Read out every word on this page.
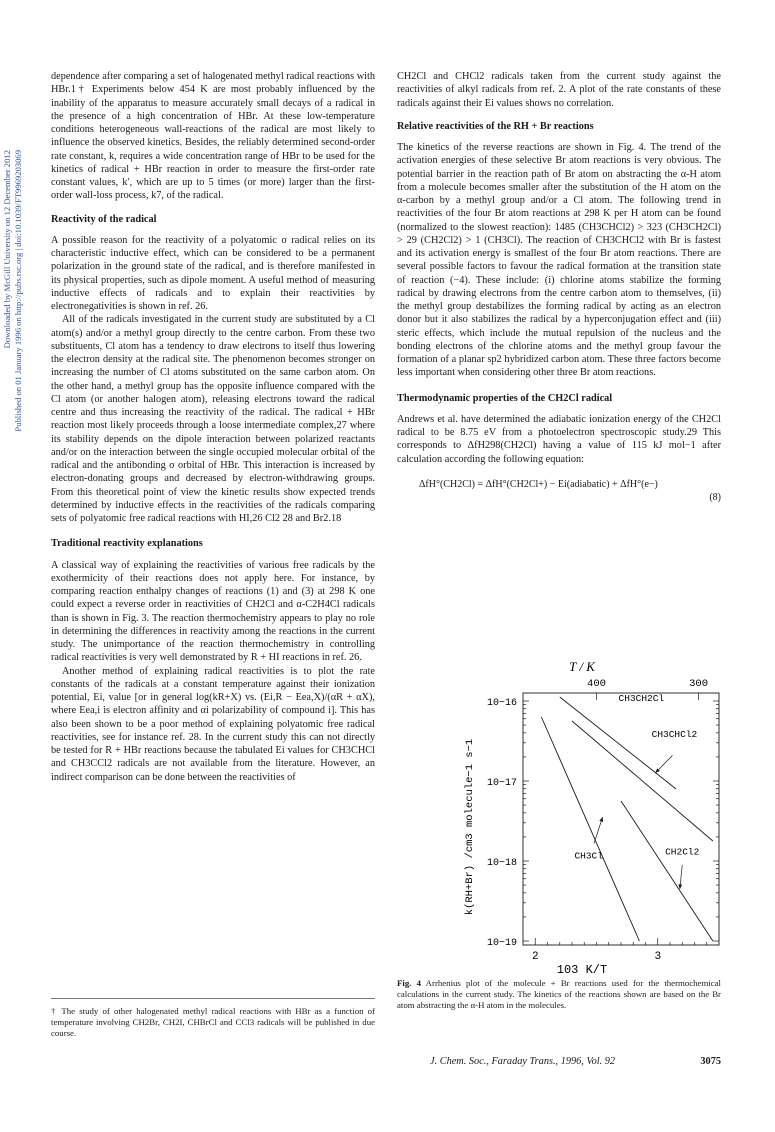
Downloaded by McGill University on 12 December 2012 Published on 01 January 1996 on http://pubs.rsc.org | doi:10.1039/FT9969203069

dependence after comparing a set of halogenated methyl radical reactions with HBr.1† Experiments below 454 K are most probably influenced by the inability of the apparatus to measure accurately small decays of a radical in the presence of a high concentration of HBr. At these low-temperature conditions heterogeneous wall-reactions of the radical are most likely to influence the observed kinetics. Besides, the reliably determined second-order rate constant, k, requires a wide concentration range of HBr to be used for the kinetics of radical + HBr reaction in order to measure the first-order rate constant values, k′, which are up to 5 times (or more) larger than the first-order wall-loss process, k7, of the radical.

Reactivity of the radical

A possible reason for the reactivity of a polyatomic σ radical relies on its characteristic inductive effect, which can be considered to be a permanent polarization in the ground state of the radical, and is therefore manifested in its physical properties, such as dipole moment. A useful method of measuring inductive effects of radicals and to explain their reactivities by electronegativities is shown in ref. 26.

All of the radicals investigated in the current study are substituted by a Cl atom(s) and/or a methyl group directly to the centre carbon. From these two substituents, Cl atom has a tendency to draw electrons to itself thus lowering the electron density at the radical site. The phenomenon becomes stronger on increasing the number of Cl atoms substituted on the same carbon atom. On the other hand, a methyl group has the opposite influence compared with the Cl atom (or another halogen atom), releasing electrons toward the radical centre and thus increasing the reactivity of the radical. The radical + HBr reaction most likely proceeds through a loose intermediate complex,27 where its stability depends on the dipole interaction between polarized reactants and/or on the interaction between the single occupied molecular orbital of the radical and the antibonding σ orbital of HBr. This interaction is increased by electron-donating groups and decreased by electron-withdrawing groups. From this theoretical point of view the kinetic results show expected trends determined by inductive effects in the reactivities of the radicals comparing sets of polyatomic free radical reactions with HI,26 Cl2 28 and Br2.18

Traditional reactivity explanations

A classical way of explaining the reactivities of various free radicals by the exothermicity of their reactions does not apply here. For instance, by comparing reaction enthalpy changes of reactions (1) and (3) at 298 K one could expect a reverse order in reactivities of CH2Cl and α-C2H4Cl radicals than is shown in Fig. 3. The reaction thermochemistry appears to play no role in determining the differences in reactivity among the reactions in the current study. The unimportance of the reaction thermochemistry in controlling radical reactivities is very well demonstrated by R + HI reactions in ref. 26.

Another method of explaining radical reactivities is to plot the rate constants of the radicals at a constant temperature against their ionization potential, Ei, value [or in general log(kR+X) vs. (Ei,R − Eea,X)/(αR + αX), where Eea,i is electron affinity and αi polarizability of compound i]. This has also been shown to be a poor method of explaining polyatomic free radical reactivities, see for instance ref. 28. In the current study this can not directly be tested for R + HBr reactions because the tabulated Ei values for CH3CHCl and CH3CCl2 radicals are not available from the literature. However, an indirect comparison can be done between the reactivities of

† The study of other halogenated methyl radical reactions with HBr as a function of temperature involving CH2Br, CH2I, CHBrCl and CCl3 radicals will be published in due course.

CH2Cl and CHCl2 radicals taken from the current study against the reactivities of alkyl radicals from ref. 2. A plot of the rate constants of these radicals against their Ei values shows no correlation.

Relative reactivities of the RH + Br reactions

The kinetics of the reverse reactions are shown in Fig. 4. The trend of the activation energies of these selective Br atom reactions is very obvious. The potential barrier in the reaction path of Br atom on abstracting the α-H atom from a molecule becomes smaller after the substitution of the H atom on the α-carbon by a methyl group and/or a Cl atom. The following trend in reactivities of the four Br atom reactions at 298 K per H atom can be found (normalized to the slowest reaction): 1485 (CH3CHCl2) > 323 (CH3CH2Cl) > 29 (CH2Cl2) > 1 (CH3Cl). The reaction of CH3CHCl2 with Br is fastest and its activation energy is smallest of the four Br atom reactions. There are several possible factors to favour the radical formation at the transition state of reaction (−4). These include: (i) chlorine atoms stabilize the forming radical by drawing electrons from the centre carbon atom to themselves, (ii) the methyl group destabilizes the forming radical by acting as an electron donor but it also stabilizes the radical by a hyperconjugation effect and (iii) steric effects, which include the mutual repulsion of the nucleus and the bonding electrons of the chlorine atoms and the methyl group favour the formation of a planar sp2 hybridized carbon atom. These three factors become less important when considering other three Br atom reactions.

Thermodynamic properties of the CH2Cl radical

Andrews et al. have determined the adiabatic ionization energy of the CH2Cl radical to be 8.75 eV from a photoelectron spectroscopic study.29 This corresponds to ΔfH298(CH2Cl) having a value of 115 kJ mol−1 after calculation according the following equation:

ΔfH°(CH2Cl) = ΔfH°(CH2Cl+) − Ei(adiabatic) + ΔfH°(e−)
(8)
T / K
400	300
10−16
10−17
10−18
10−19
2	3
103 K/T
k(RH+Br) /cm3 molecule−1 s−1
CH3CH2Cl
CH3CHCl2
CH3Cl	CH2Cl2
Fig. 4 Arrhenius plot of the molecule + Br reactions used for the thermochemical calculations in the current study. The kinetics of the reactions shown are based on the Br atom abstracting the α-H atom in the molecules.
J. Chem. Soc., Faraday Trans., 1996, Vol. 92	3075
